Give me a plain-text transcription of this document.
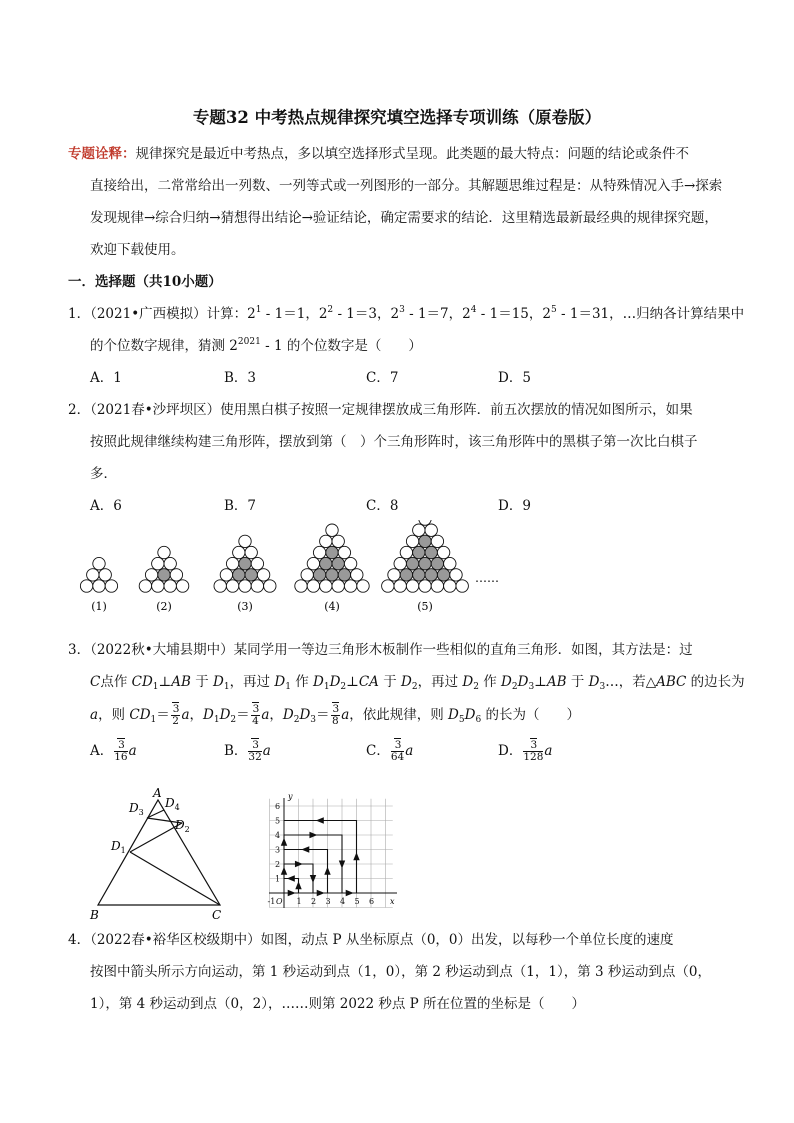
专题32 中考热点规律探究填空选择专项训练（原卷版）
专题诠释：规律探究是最近中考热点，多以填空选择形式呈现。此类题的最大特点：问题的结论或条件不
直接给出，二常常给出一列数、一列等式或一列图形的一部分。其解题思维过程是：从特殊情况入手→探索
发现规律→综合归纳→猜想得出结论→验证结论，确定需要求的结论．这里精选最新最经典的规律探究题，
欢迎下载使用。
一．选择题（共10小题）
1．（2021•广西模拟）计算：$2^1 - 1=1$，$2^2 - 1=3$，$2^3 - 1=7$，$2^4 - 1=15$，$2^5 - 1=31$，…归纳各计算结果中
的个位数字规律，猜测 $2^{2021} - 1$ 的个位数字是（　　）
A．1	B．3	C．7	D．5
2．（2021春•沙坪坝区）使用黑白棋子按照一定规律摆放成三角形阵．前五次摆放的情况如图所示，如果
按照此规律继续构建三角形阵，摆放到第（　）个三角形阵时，该三角形阵中的黑棋子第一次比白棋子
多．
A．6	B．7	C．8	D．9
(1)	(2)	(3)	(4)	(5)
……
3．（2022秋•大埔县期中）某同学用一等边三角形木板制作一些相似的直角三角形．如图，其方法是：过
C点作 $CD_1\perp AB$ 于 $D_1$，再过 $D_1$ 作 $D_1D_2\perp CA$ 于 $D_2$，再过 $D_2$ 作 $D_2D_3\perp AB$ 于 $D_3\dots$，若△ABC 的边长为
a，则 $CD_1= \frac{3}{2}$ a，$D_1D_2= \frac{3}{4}$ a，$D_2D_3= \frac{3}{8}$ a，依此规律，则 $D_5D_6$ 的长为（　　）
A． $\frac{3}{16}$ a	B． $\frac{3}{32}$ a	C． $\frac{3}{64}$ a	D． $\frac{3}{128}$ a
A
B	C
$D_1$
$D_2$
$D_3$
$D_4$	6
5
4
3
2
1
-1 O 1 2 3 4 5 6 x
y
4．（2022春•裕华区校级期中）如图，动点 P 从坐标原点（0，0）出发，以每秒一个单位长度的速度
按图中箭头所示方向运动，第 1 秒运动到点（1，0），第 2 秒运动到点（1，1），第 3 秒运动到点（0，
1），第 4 秒运动到点（0，2），……则第 2022 秒点 P 所在位置的坐标是（　　）
